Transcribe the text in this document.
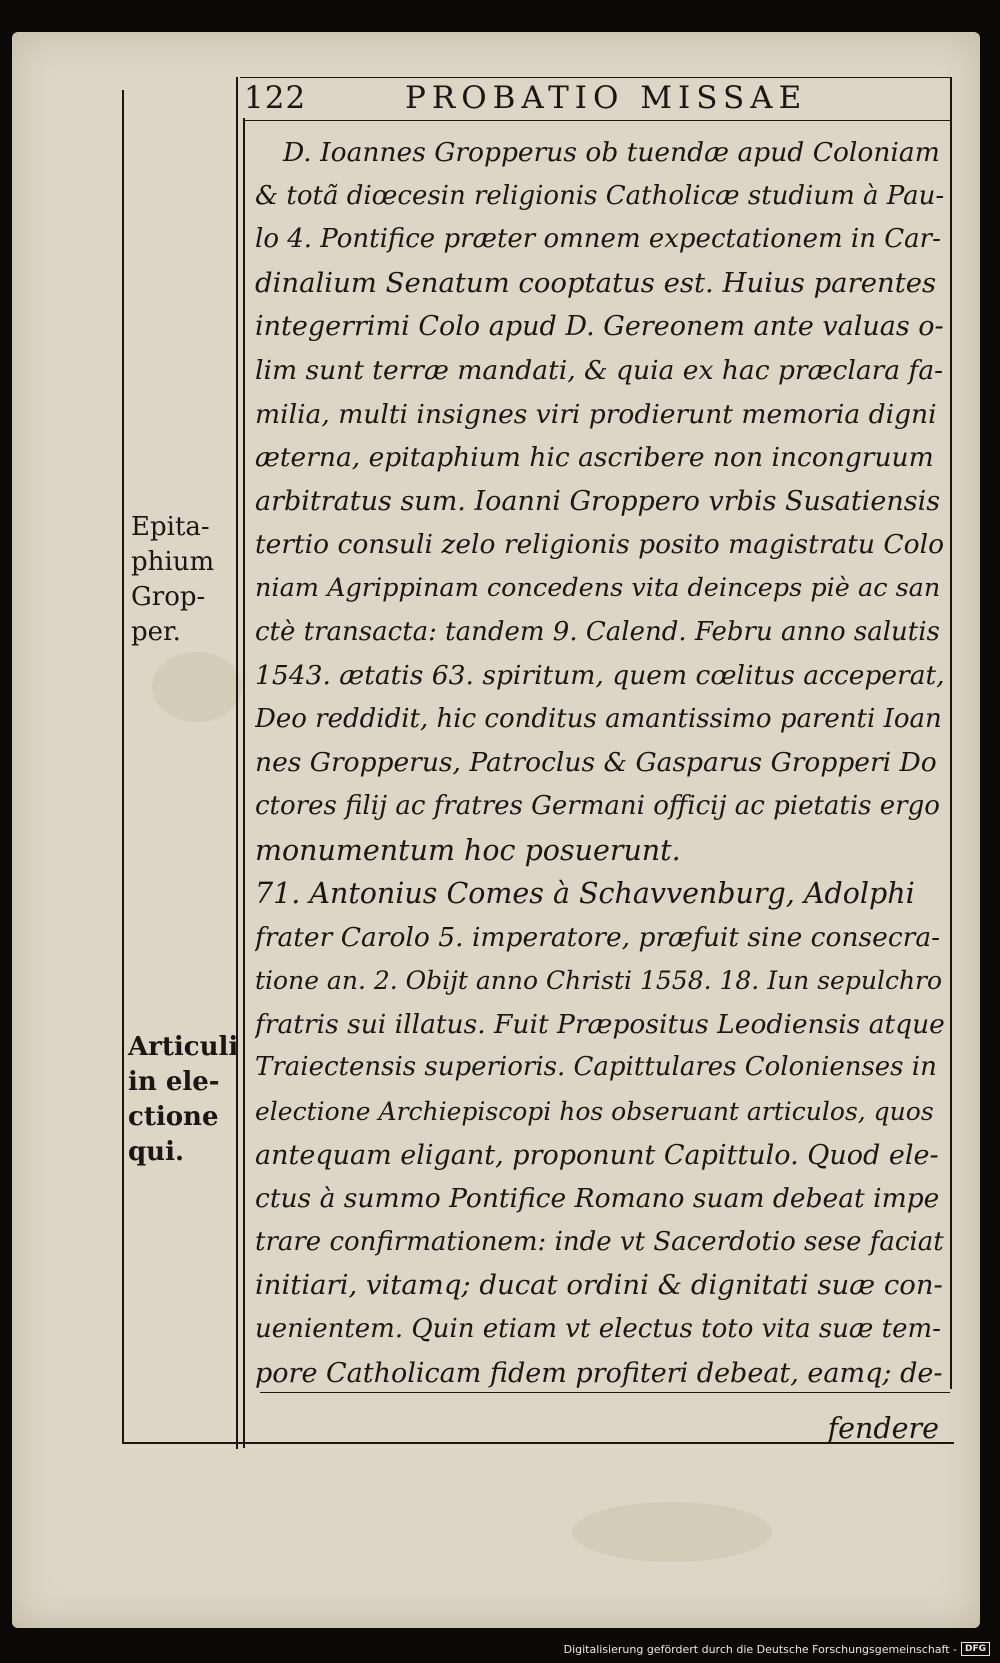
122	PROBATIO MISSAE
D. Ioannes Gropperus ob tuendæ apud Coloniam
& totã diœcesin religionis Catholicæ studium à Pau-
lo 4. Pontifice præter omnem expectationem in Car-
dinalium Senatum cooptatus est. Huius parentes
integerrimi Colo apud D. Gereonem ante valuas o-
lim sunt terræ mandati, & quia ex hac præclara fa-
milia, multi insignes viri prodierunt memoria digni
æterna, epitaphium hic ascribere non incongruum
arbitratus sum. Ioanni Groppero vrbis Susatiensis
tertio consuli zelo religionis posito magistratu Colo
niam Agrippinam concedens vita deinceps piè ac san
ctè transacta: tandem 9. Calend. Febru anno salutis
1543. ætatis 63. spiritum, quem cœlitus acceperat,
Deo reddidit, hic conditus amantissimo parenti Ioan
nes Gropperus, Patroclus & Gasparus Gropperi Do
ctores filij ac fratres Germani officij ac pietatis ergo
monumentum hoc posuerunt.
71. Antonius Comes à Schavvenburg, Adolphi
frater Carolo 5. imperatore, præfuit sine consecra-
tione an. 2. Obijt anno Christi 1558. 18. Iun sepulchro
fratris sui illatus. Fuit Præpositus Leodiensis atque
Traiectensis superioris. Capittulares Colonienses in
electione Archiepiscopi hos obseruant articulos, quos
antequam eligant, proponunt Capittulo. Quod ele-
ctus à summo Pontifice Romano suam debeat impe
trare confirmationem: inde vt Sacerdotio sese faciat
initiari, vitamq; ducat ordini & dignitati suæ con-
uenientem. Quin etiam vt electus toto vita suæ tem-
pore Catholicam fidem profiteri debeat, eamq; de-
fendere
Epita-
phium
Grop-
per.
Articuli
in ele-
ctione
qui.
Digitalisierung gefördert durch die Deutsche Forschungsgemeinschaft - DFG
